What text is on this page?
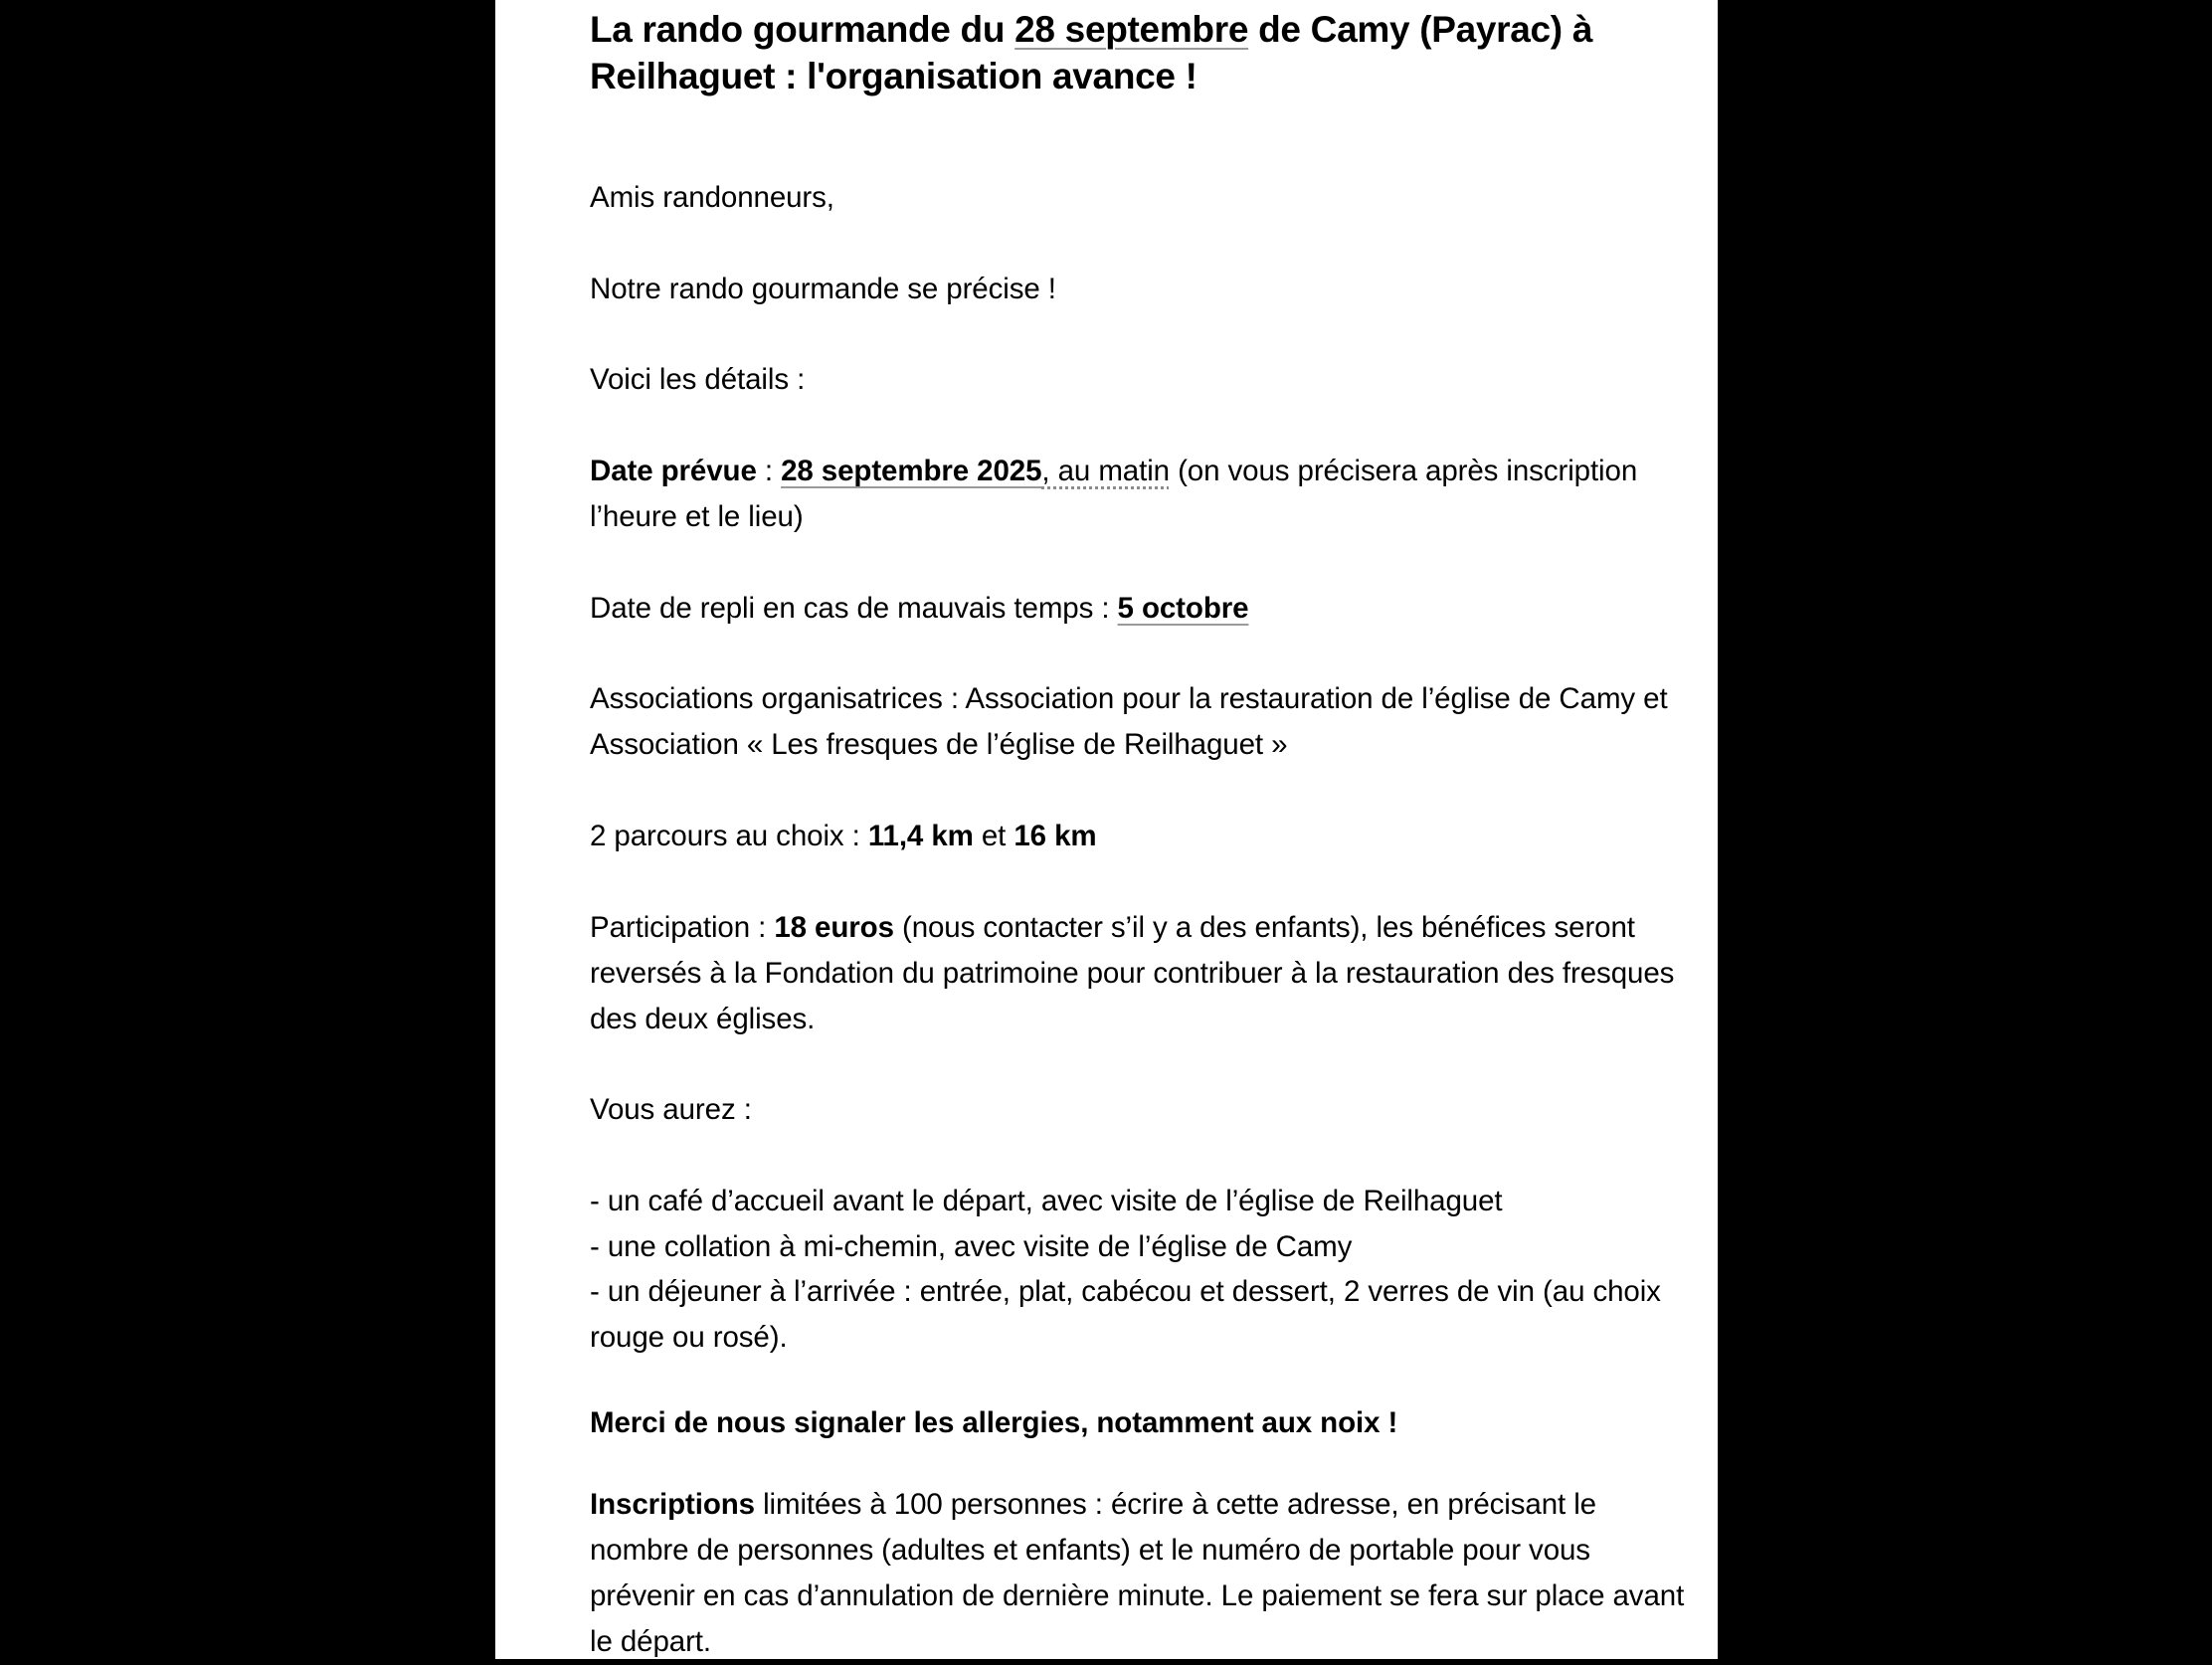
La rando gourmande du 28 septembre de Camy (Payrac) à Reilhaguet : l'organisation avance !

Amis randonneurs,

Notre rando gourmande se précise !

Voici les détails :

Date prévue : 28 septembre 2025, au matin (on vous précisera après inscription l’heure et le lieu)

Date de repli en cas de mauvais temps : 5 octobre

Associations organisatrices : Association pour la restauration de l’église de Camy et Association « Les fresques de l’église de Reilhaguet »

2 parcours au choix : 11,4 km et 16 km

Participation : 18 euros (nous contacter s’il y a des enfants), les bénéfices seront reversés à la Fondation du patrimoine pour contribuer à la restauration des fresques des deux églises.

Vous aurez :

- un café d’accueil avant le départ, avec visite de l’église de Reilhaguet

- une collation à mi-chemin, avec visite de l’église de Camy

- un déjeuner à l’arrivée : entrée, plat, cabécou et dessert, 2 verres de vin (au choix rouge ou rosé).

Merci de nous signaler les allergies, notamment aux noix !

Inscriptions limitées à 100 personnes : écrire à cette adresse, en précisant le nombre de personnes (adultes et enfants) et le numéro de portable pour vous prévenir en cas d’annulation de dernière minute. Le paiement se fera sur place avant le départ.
